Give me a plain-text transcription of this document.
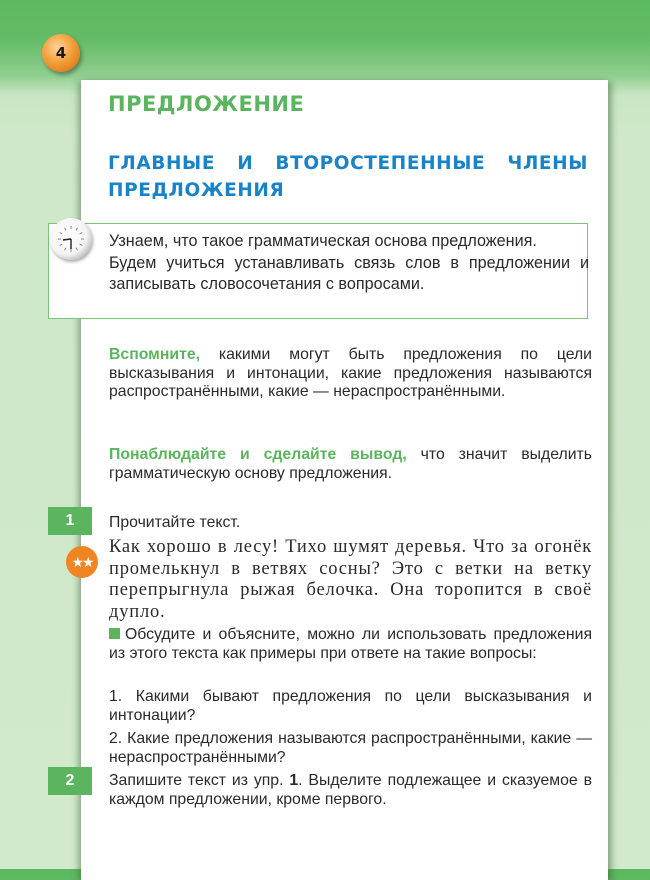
4
ПРЕДЛОЖЕНИЕ
ГЛАВНЫЕ И ВТОРОСТЕПЕННЫЕ ЧЛЕНЫ ПРЕДЛОЖЕНИЯ

Узнаем, что такое грамматическая основа предложения.

Будем учиться устанавливать связь слов в предложении и записывать словосочетания с вопросами.

Вспомните, какими могут быть предложения по цели высказывания и интонации, какие предложения называются распространёнными, какие — нераспространёнными.
Понаблюдайте и сделайте вывод, что значит выделить грамматическую основу предложения.
1	Прочитайте текст.
★★
Как хорошо в лесу! Тихо шумят деревья. Что за огонёк промелькнул в ветвях сосны? Это с ветки на ветку перепрыгнула рыжая белочка. Она торопится в своё дупло.
Обсудите и объясните, можно ли использовать предложения из этого текста как примеры при ответе на такие вопросы:
1. Какими бывают предложения по цели высказывания и интонации?
2. Какие предложения называются распространёнными, какие — нераспространёнными?
2	Запишите текст из упр. 1. Выделите подлежащее и сказуемое в каждом предложении, кроме первого.
